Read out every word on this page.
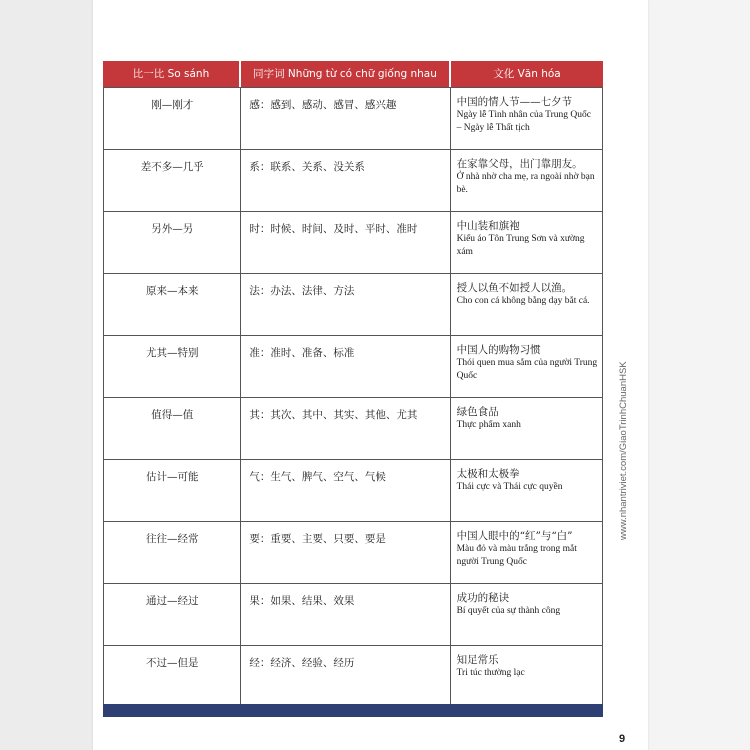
比一比 So sánh	同字词 Những từ có chữ giống nhau	文化 Văn hóa
刚—刚才	感：感到、感动、感冒、感兴趣	中国的情人节——七夕节
Ngày lễ Tình nhân của Trung Quốc – Ngày lễ Thất tịch
差不多—几乎	系：联系、关系、没关系	在家靠父母，出门靠朋友。
Ở nhà nhờ cha mẹ, ra ngoài nhờ bạn bè.
另外—另	时：时候、时间、及时、平时、准时	中山装和旗袍
Kiểu áo Tôn Trung Sơn và xường xám
原来—本来	法：办法、法律、方法	授人以鱼不如授人以渔。
Cho con cá không bằng dạy bắt cá.
尤其—特别	准：准时、准备、标准	中国人的购物习惯
Thói quen mua sắm của người Trung Quốc
值得—值	其：其次、其中、其实、其他、尤其	绿色食品
Thực phẩm xanh
估计—可能	气：生气、脾气、空气、气候	太极和太极拳
Thái cực và Thái cực quyền
往往—经常	要：重要、主要、只要、要是	中国人眼中的“红”与“白”
Màu đỏ và màu trắng trong mắt người Trung Quốc
通过—经过	果：如果、结果、效果	成功的秘诀
Bí quyết của sự thành công
不过—但是	经：经济、经验、经历	知足常乐
Tri túc thường lạc
9
www.nhantriviet.com/GiaoTrinhChuanHSK
